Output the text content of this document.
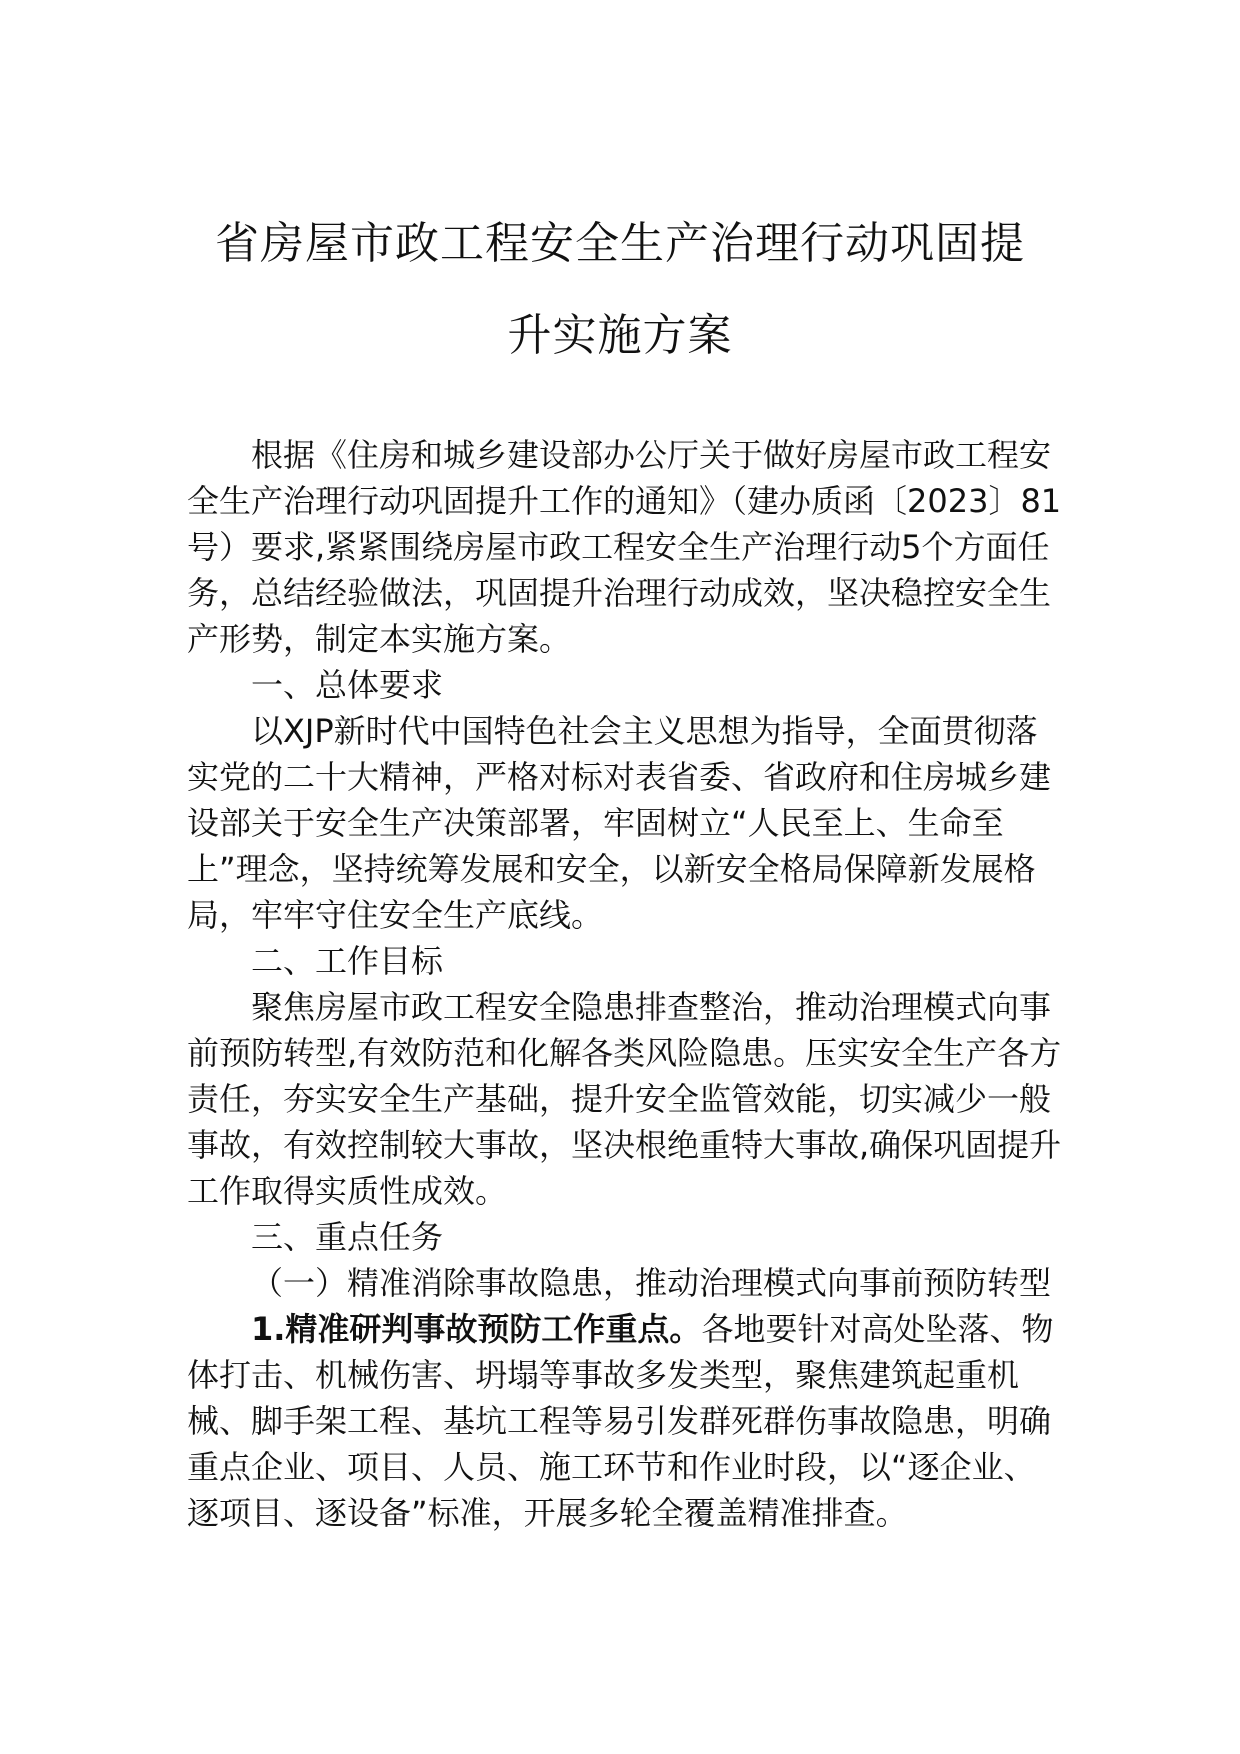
省房屋市政工程安全生产治理行动巩固提
升实施方案

根据《住房和城乡建设部办公厅关于做好房屋市政工程安全生产治理行动巩固提升工作的通知》（建办质函〔2023〕81号）要求,紧紧围绕房屋市政工程安全生产治理行动5个方面任务，总结经验做法，巩固提升治理行动成效，坚决稳控安全生产形势，制定本实施方案。

一、总体要求

以XJP新时代中国特色社会主义思想为指导，全面贯彻落实党的二十大精神，严格对标对表省委、省政府和住房城乡建设部关于安全生产决策部署，牢固树立“人民至上、生命至上”理念，坚持统筹发展和安全，以新安全格局保障新发展格局，牢牢守住安全生产底线。

二、工作目标

聚焦房屋市政工程安全隐患排查整治，推动治理模式向事前预防转型,有效防范和化解各类风险隐患。压实安全生产各方责任，夯实安全生产基础，提升安全监管效能，切实减少一般事故，有效控制较大事故，坚决根绝重特大事故,确保巩固提升工作取得实质性成效。

三、重点任务

（一）精准消除事故隐患，推动治理模式向事前预防转型

1.精准研判事故预防工作重点。各地要针对高处坠落、物体打击、机械伤害、坍塌等事故多发类型，聚焦建筑起重机械、脚手架工程、基坑工程等易引发群死群伤事故隐患，明确重点企业、项目、人员、施工环节和作业时段，以“逐企业、逐项目、逐设备”标准，开展多轮全覆盖精准排查。
